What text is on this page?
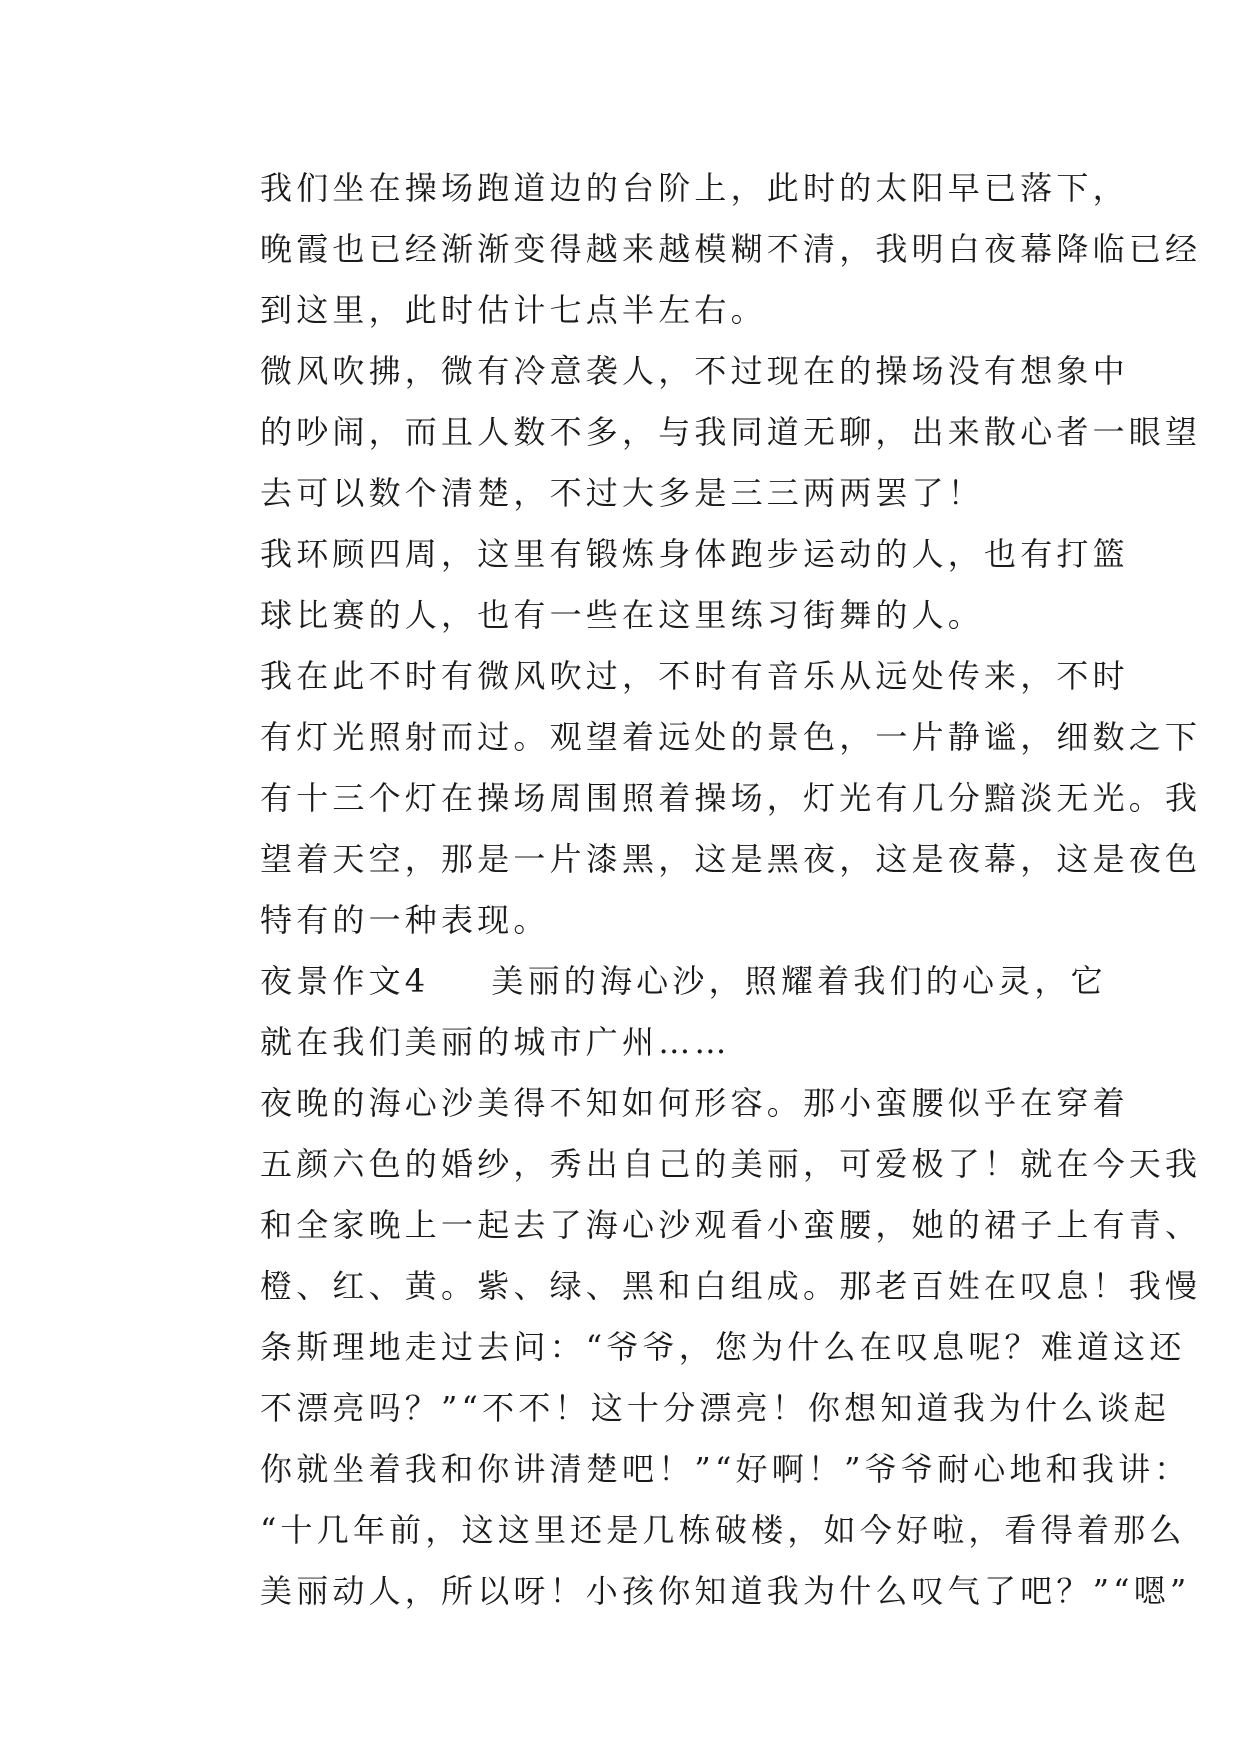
我们坐在操场跑道边的台阶上，此时的太阳早已落下，
晚霞也已经渐渐变得越来越模糊不清，我明白夜幕降临已经
到这里，此时估计七点半左右。

微风吹拂，微有冷意袭人，不过现在的操场没有想象中
的吵闹，而且人数不多，与我同道无聊，出来散心者一眼望
去可以数个清楚，不过大多是三三两两罢了！

我环顾四周，这里有锻炼身体跑步运动的人，也有打篮
球比赛的人，也有一些在这里练习街舞的人。

我在此不时有微风吹过，不时有音乐从远处传来，不时
有灯光照射而过。观望着远处的景色，一片静谧，细数之下
有十三个灯在操场周围照着操场，灯光有几分黯淡无光。我
望着天空，那是一片漆黑，这是黑夜，这是夜幕，这是夜色
特有的一种表现。

夜景作文4 美丽的海心沙，照耀着我们的心灵，它
就在我们美丽的城市广州……

夜晚的海心沙美得不知如何形容。那小蛮腰似乎在穿着
五颜六色的婚纱，秀出自己的美丽，可爱极了！就在今天我
和全家晚上一起去了海心沙观看小蛮腰，她的裙子上有青、
橙、红、黄。紫、绿、黑和白组成。那老百姓在叹息！我慢
条斯理地走过去问：“爷爷，您为什么在叹息呢？难道这还
不漂亮吗？”“不不！这十分漂亮！你想知道我为什么谈起
你就坐着我和你讲清楚吧！”“好啊！”爷爷耐心地和我讲：
“十几年前，这这里还是几栋破楼，如今好啦，看得着那么
美丽动人，所以呀！小孩你知道我为什么叹气了吧？”“嗯”
